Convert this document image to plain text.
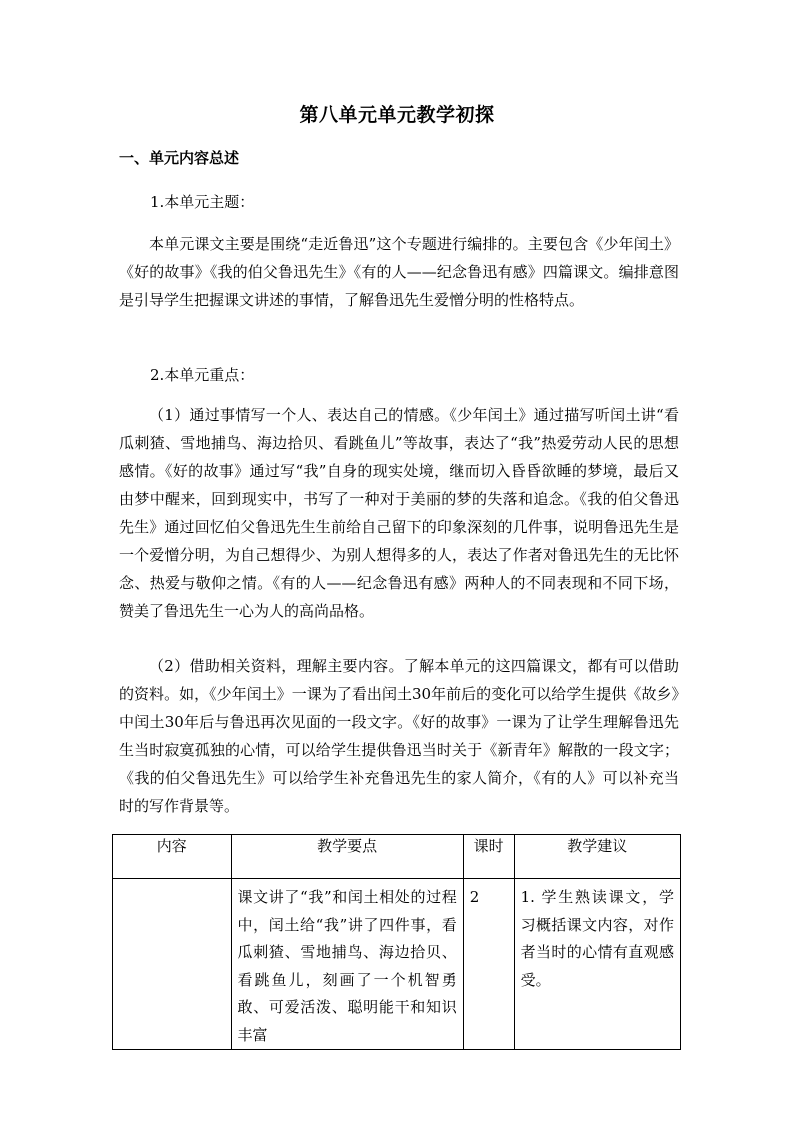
第八单元单元教学初探
一、单元内容总述
1.本单元主题：

本单元课文主要是围绕“走近鲁迅”这个专题进行编排的。主要包含《少年闰土》《好的故事》《我的伯父鲁迅先生》《有的人——纪念鲁迅有感》四篇课文。编排意图是引导学生把握课文讲述的事情，了解鲁迅先生爱憎分明的性格特点。

2.本单元重点：

（1）通过事情写一个人、表达自己的情感。《少年闰土》通过描写听闰土讲“看瓜刺猹、雪地捕鸟、海边拾贝、看跳鱼儿”等故事，表达了“我”热爱劳动人民的思想感情。《好的故事》通过写“我”自身的现实处境，继而切入昏昏欲睡的梦境，最后又由梦中醒来，回到现实中，书写了一种对于美丽的梦的失落和追念。《我的伯父鲁迅先生》通过回忆伯父鲁迅先生生前给自己留下的印象深刻的几件事，说明鲁迅先生是一个爱憎分明，为自己想得少、为别人想得多的人，表达了作者对鲁迅先生的无比怀念、热爱与敬仰之情。《有的人——纪念鲁迅有感》两种人的不同表现和不同下场，赞美了鲁迅先生一心为人的高尚品格。

（2）借助相关资料，理解主要内容。了解本单元的这四篇课文，都有可以借助的资料。如，《少年闰土》一课为了看出闰土30年前后的变化可以给学生提供《故乡》中闰土30年后与鲁迅再次见面的一段文字。《好的故事》一课为了让学生理解鲁迅先生当时寂寞孤独的心情，可以给学生提供鲁迅当时关于《新青年》解散的一段文字；《我的伯父鲁迅先生》可以给学生补充鲁迅先生的家人简介，《有的人》可以补充当时的写作背景等。

内容	教学要点	课时	教学建议

	课文讲了“我”和闰土相处的过程中，闰土给“我”讲了四件事，看瓜刺猹、雪地捕鸟、海边拾贝、看跳鱼儿，刻画了一个机智勇敢、可爱活泼、聪明能干和知识丰富	2	1. 学生熟读课文，学习概括课文内容，对作者当时的心情有直观感受。
